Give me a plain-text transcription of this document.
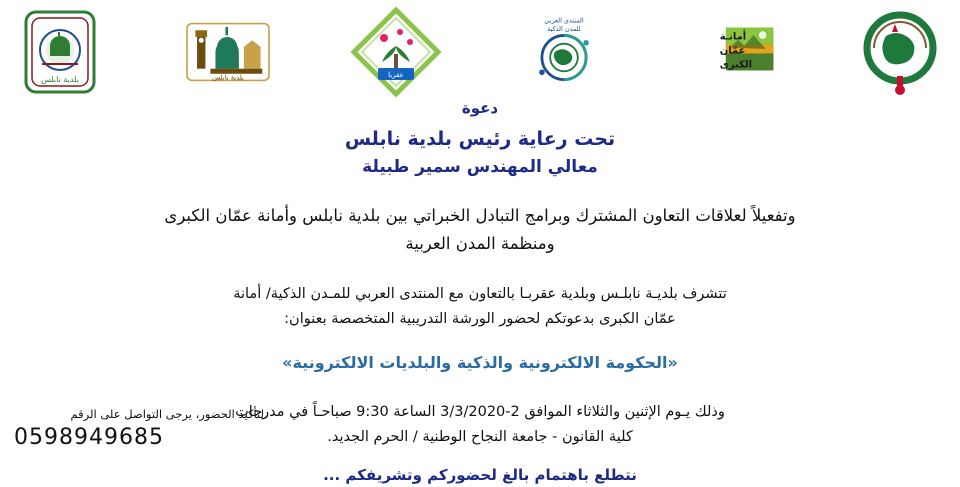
أمانـة
عمّان
الكبرى
المنتدى العربي
للمدن الذكية
عقربا
بلدية نابلس
بلدية نابلس
دعوة
تحت رعاية رئيس بلدية نابلس
معالي المهندس سمير طبيلة
وتفعيلاً لعلاقات التعاون المشترك وبرامج التبادل الخبراتي بين بلدية نابلس وأمانة عمّان الكبرى ومنظمة المدن العربية
تتشرف بلديـة نابلـس وبلدية عقربـا بالتعاون مع المنتدى العربي للمـدن الذكية/ أمانة عمّان الكبرى بدعوتكم لحضور الورشة التدريبية المتخصصة بعنوان:
«الحكومة الالكترونية والذكية والبلديات الالكترونية»
وذلك يـوم الإثنين والثلاثاء الموافق 2-3/3/2020 الساعة 9:30 صباحـاً في مدرجات كلية القانون - جامعة النجاح الوطنية / الحرم الجديد.
نتطلع باهتمام بالغ لحضوركم وتشريفكم ...
لتأكيد الحضور، يرجى التواصل على الرقم
0598949685
